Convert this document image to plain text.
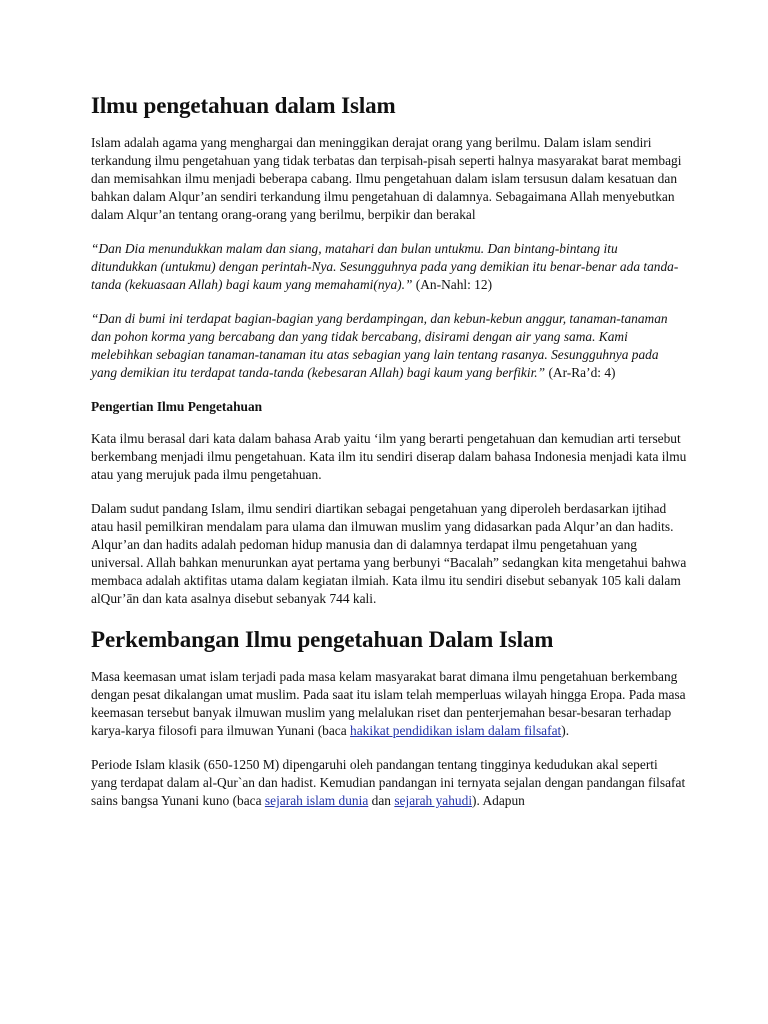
Ilmu pengetahuan dalam Islam

Islam adalah agama yang menghargai dan meninggikan derajat orang yang berilmu. Dalam islam sendiri terkandung ilmu pengetahuan yang tidak terbatas dan terpisah-pisah seperti halnya masyarakat barat membagi dan memisahkan ilmu menjadi beberapa cabang. Ilmu pengetahuan dalam islam tersusun dalam kesatuan dan bahkan dalam Alqur’an sendiri terkandung ilmu pengetahuan di dalamnya. Sebagaimana Allah menyebutkan dalam Alqur’an tentang orang-orang yang berilmu, berpikir dan berakal

“Dan Dia menundukkan malam dan siang, matahari dan bulan untukmu. Dan bintang-bintang itu ditundukkan (untukmu) dengan perintah-Nya. Sesungguhnya pada yang demikian itu benar-benar ada tanda-tanda (kekuasaan Allah) bagi kaum yang memahami(nya).” (An-Nahl: 12)

“Dan di bumi ini terdapat bagian-bagian yang berdampingan, dan kebun-kebun anggur, tanaman-tanaman dan pohon korma yang bercabang dan yang tidak bercabang, disirami dengan air yang sama. Kami melebihkan sebagian tanaman-tanaman itu atas sebagian yang lain tentang rasanya. Sesungguhnya pada yang demikian itu terdapat tanda-tanda (kebesaran Allah) bagi kaum yang berfikir.” (Ar-Ra’d: 4)

Pengertian Ilmu Pengetahuan

Kata ilmu berasal dari kata dalam bahasa Arab yaitu ‘ilm yang berarti pengetahuan dan kemudian arti tersebut berkembang menjadi ilmu pengetahuan. Kata ilm itu sendiri diserap dalam bahasa Indonesia menjadi kata ilmu atau yang merujuk pada ilmu pengetahuan.

Dalam sudut pandang Islam, ilmu sendiri diartikan sebagai pengetahuan yang diperoleh berdasarkan ijtihad atau hasil pemilkiran mendalam para ulama dan ilmuwan muslim yang didasarkan pada Alqur’an dan hadits. Alqur’an dan hadits adalah pedoman hidup manusia dan di dalamnya terdapat ilmu pengetahuan yang universal. Allah bahkan menurunkan ayat pertama yang berbunyi “Bacalah” sedangkan kita mengetahui bahwa membaca adalah aktifitas utama dalam kegiatan ilmiah. Kata ilmu itu sendiri disebut sebanyak 105 kali dalam alQur’ān dan kata asalnya disebut sebanyak 744 kali.

Perkembangan Ilmu pengetahuan Dalam Islam

Masa keemasan umat islam terjadi pada masa kelam masyarakat barat dimana ilmu pengetahuan berkembang dengan pesat dikalangan umat muslim. Pada saat itu islam telah memperluas wilayah hingga Eropa. Pada masa keemasan tersebut banyak ilmuwan muslim yang melalukan riset dan penterjemahan besar-besaran terhadap karya-karya filosofi para ilmuwan Yunani (baca hakikat pendidikan islam dalam filsafat).

Periode Islam klasik (650-1250 M) dipengaruhi oleh pandangan tentang tingginya kedudukan akal seperti yang terdapat dalam al-Qur`an dan hadist. Kemudian pandangan ini ternyata sejalan dengan pandangan filsafat sains bangsa Yunani kuno (baca sejarah islam dunia dan sejarah yahudi). Adapun
